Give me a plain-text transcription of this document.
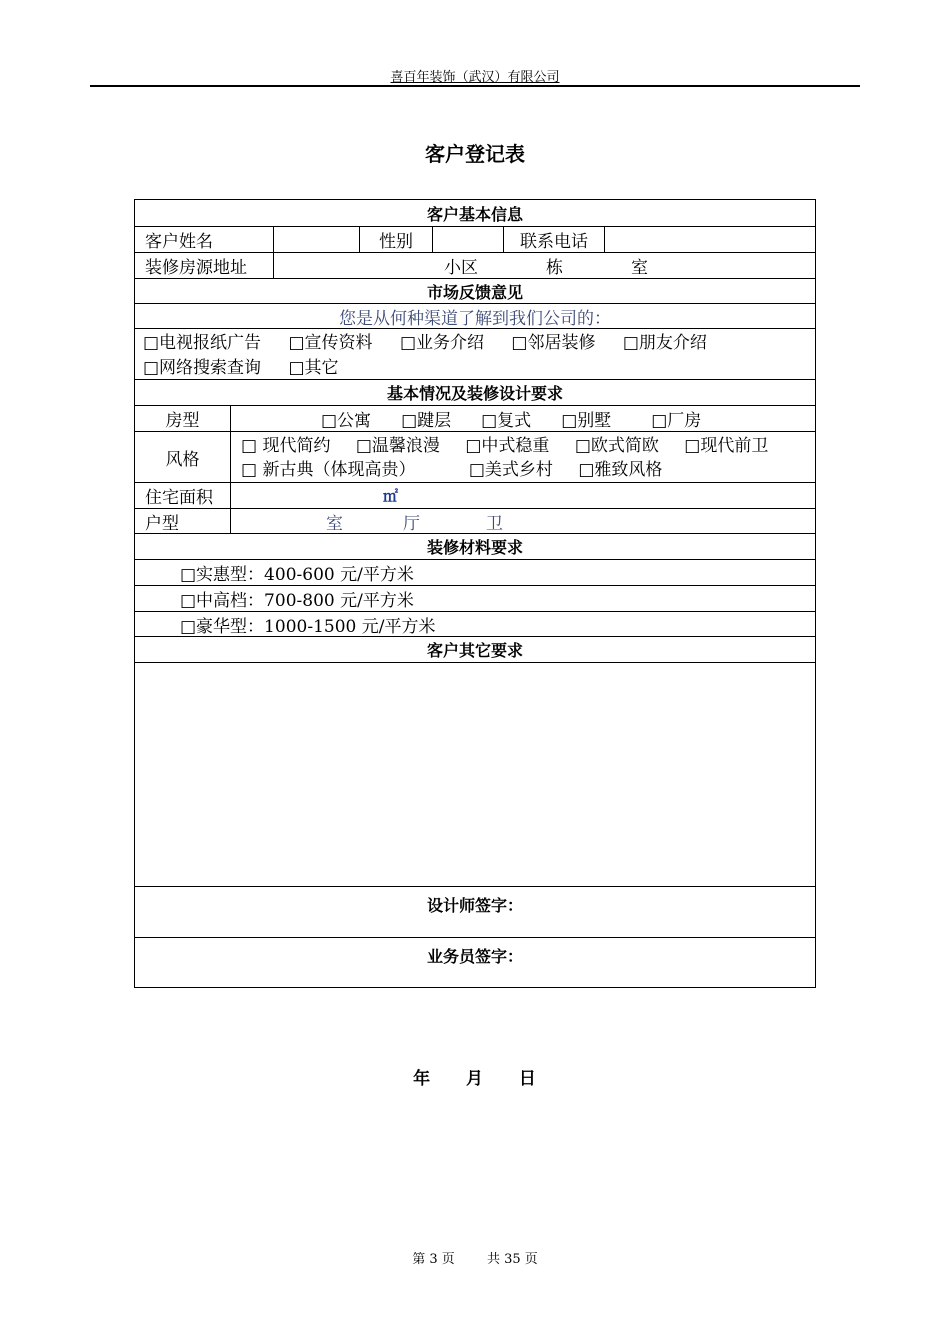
喜百年装饰（武汉）有限公司
客户登记表
客户基本信息
客户姓名	性别	联系电话
装修房源地址	小区	栋	室
市场反馈意见
您是从何种渠道了解到我们公司的：
□电视报纸广告 □宣传资料 □业务介绍 □邻居装修 □朋友介绍
□网络搜索查询 □其它
基本情况及装修设计要求
房型	□公寓 □踺层 □复式 □别墅 □厂房
风格
□ 现代简约 □温馨浪漫 □中式稳重 □欧式简欧 □现代前卫
□ 新古典（体现高贵）	□美式乡村 □雅致风格
住宅面积	㎡
户型	室	厅	卫
装修材料要求
□实惠型：400-600 元/平方米
□中高档：700-800 元/平方米
□豪华型：1000-1500 元/平方米
客户其它要求
设计师签字：
业务员签字：
年 月 日
第 3 页 共 35 页
